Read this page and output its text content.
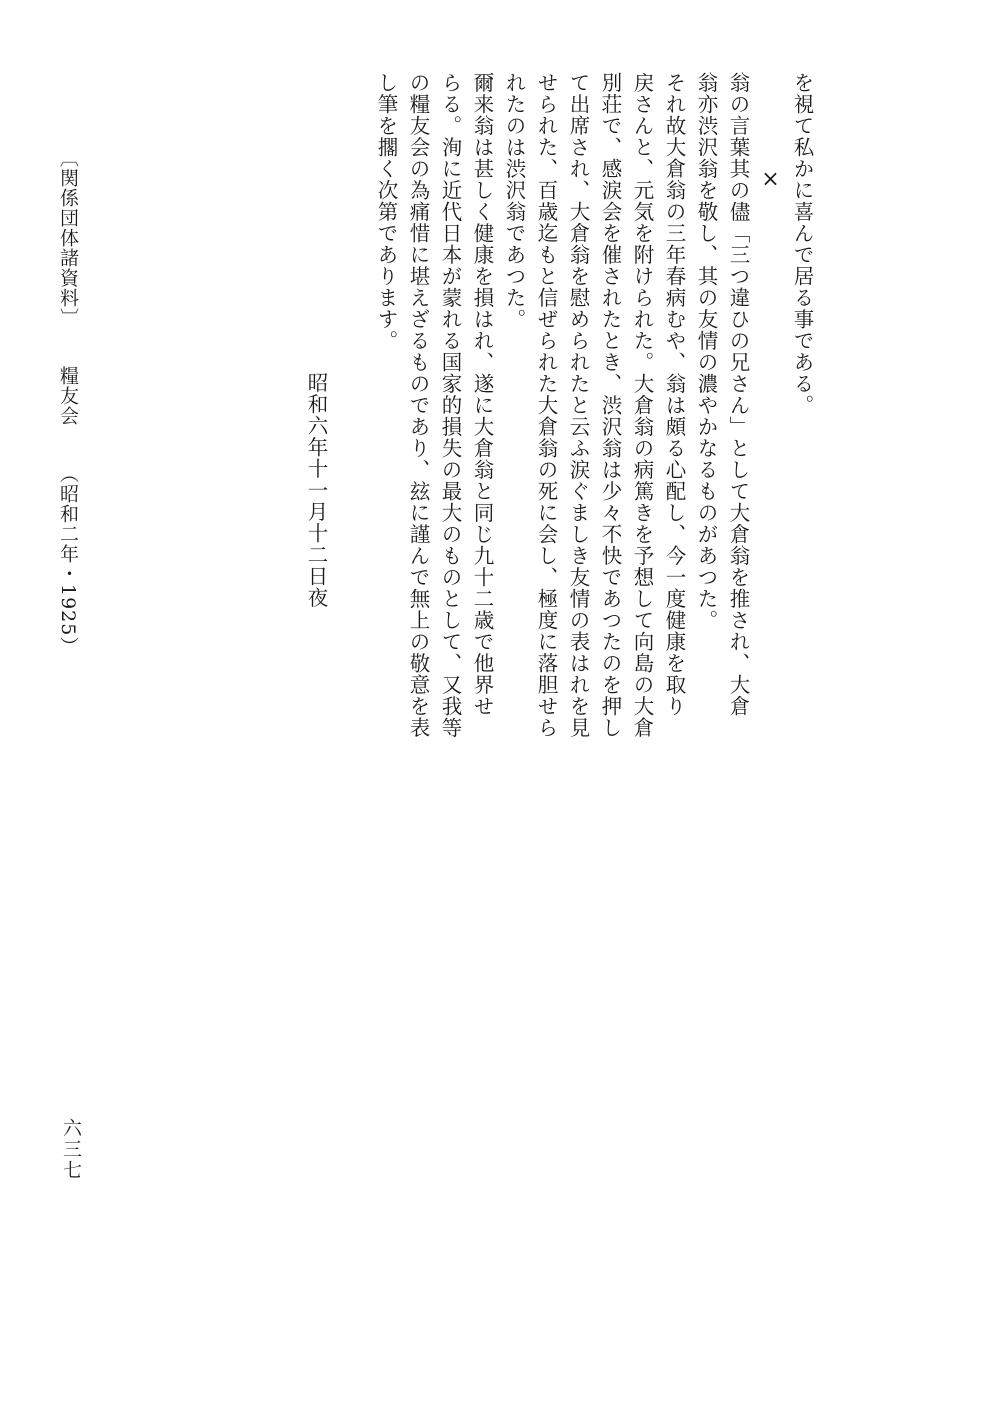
を視て私かに喜んで居る事である。
×
翁の言葉其の儘「三つ違ひの兄さん」として大倉翁を推され、大倉
翁亦渋沢翁を敬し、其の友情の濃やかなるものがあつた。
それ故大倉翁の三年春病むや、翁は頗る心配し、今一度健康を取り
戻さんと、元気を附けられた。大倉翁の病篤きを予想して向島の大倉
別荘で、感涙会を催されたとき、渋沢翁は少々不快であつたのを押し
て出席され、大倉翁を慰められたと云ふ涙ぐましき友情の表はれを見
せられた、百歳迄もと信ぜられた大倉翁の死に会し、極度に落胆せら
れたのは渋沢翁であつた。
爾来翁は甚しく健康を損はれ、遂に大倉翁と同じ九十二歳で他界せ
らる。洵に近代日本が蒙れる国家的損失の最大のものとして、又我等
の糧友会の為痛惜に堪えざるものであり、玆に謹んで無上の敬意を表
し筆を擱く次第であります。
昭和六年十一月十二日夜
〔関係団体諸資料〕糧友会（昭和二年・1925）
六三七
